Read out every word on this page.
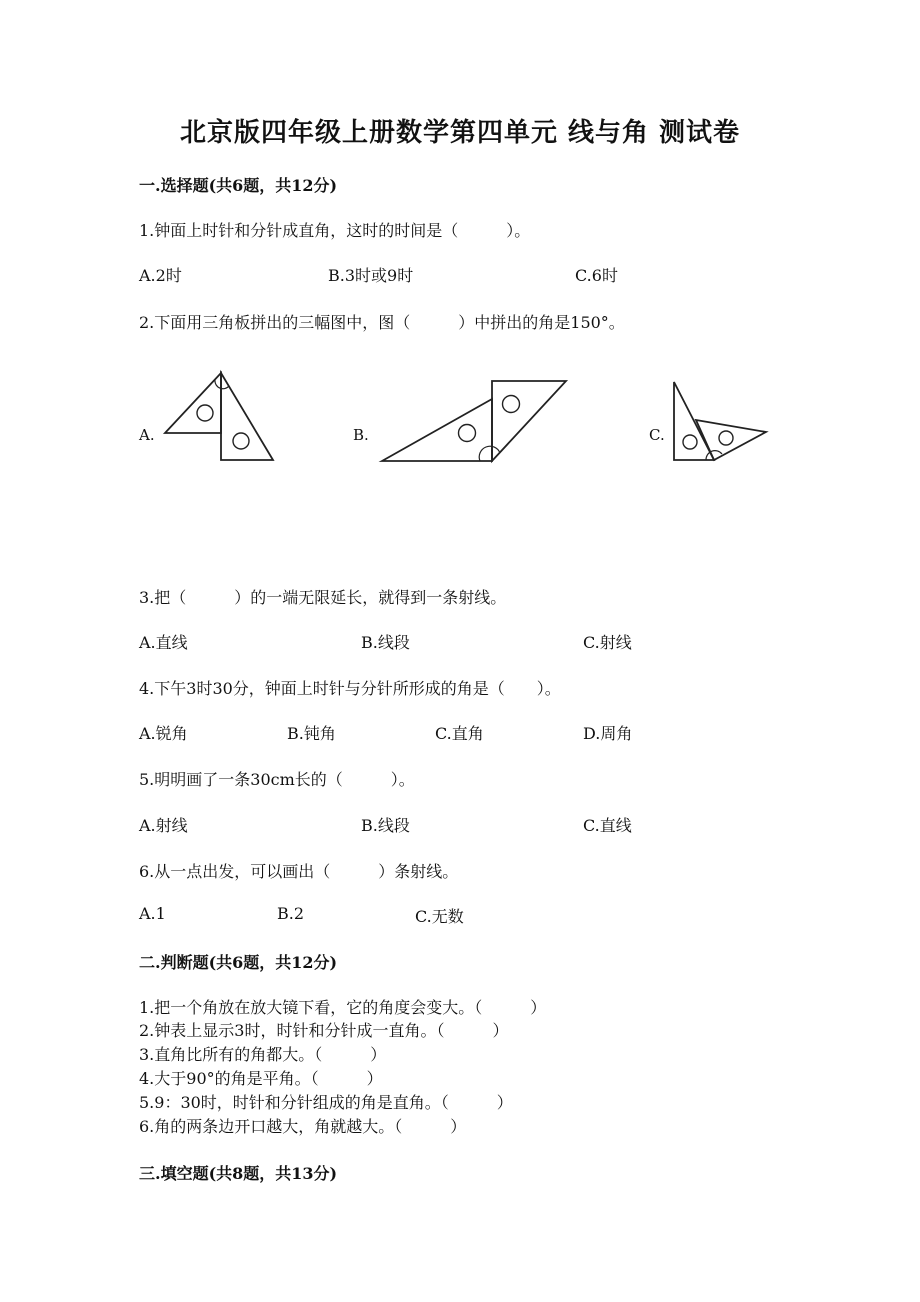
北京版四年级上册数学第四单元 线与角 测试卷
一.选择题(共6题，共12分)
1.钟面上时针和分针成直角，这时的时间是（　　　）。
A.2时	B.3时或9时	C.6时
2.下面用三角板拼出的三幅图中，图（　　　）中拼出的角是150°。
A.	B.	C.
3.把（　　　）的一端无限延长，就得到一条射线。
A.直线	B.线段	C.射线
4.下午3时30分，钟面上时针与分针所形成的角是（　　）。
A.锐角	B.钝角	C.直角	D.周角
5.明明画了一条30cm长的（　　　）。
A.射线	B.线段	C.直线
6.从一点出发，可以画出（　　　）条射线。
A.1	B.2	C.无数
二.判断题(共6题，共12分)
1.把一个角放在放大镜下看，它的角度会变大。（　　　）
2.钟表上显示3时，时针和分针成一直角。（　　　）
3.直角比所有的角都大。（　　　）
4.大于90°的角是平角。（　　　）
5.9：30时，时针和分针组成的角是直角。（　　　）
6.角的两条边开口越大，角就越大。（　　　）
三.填空题(共8题，共13分)
